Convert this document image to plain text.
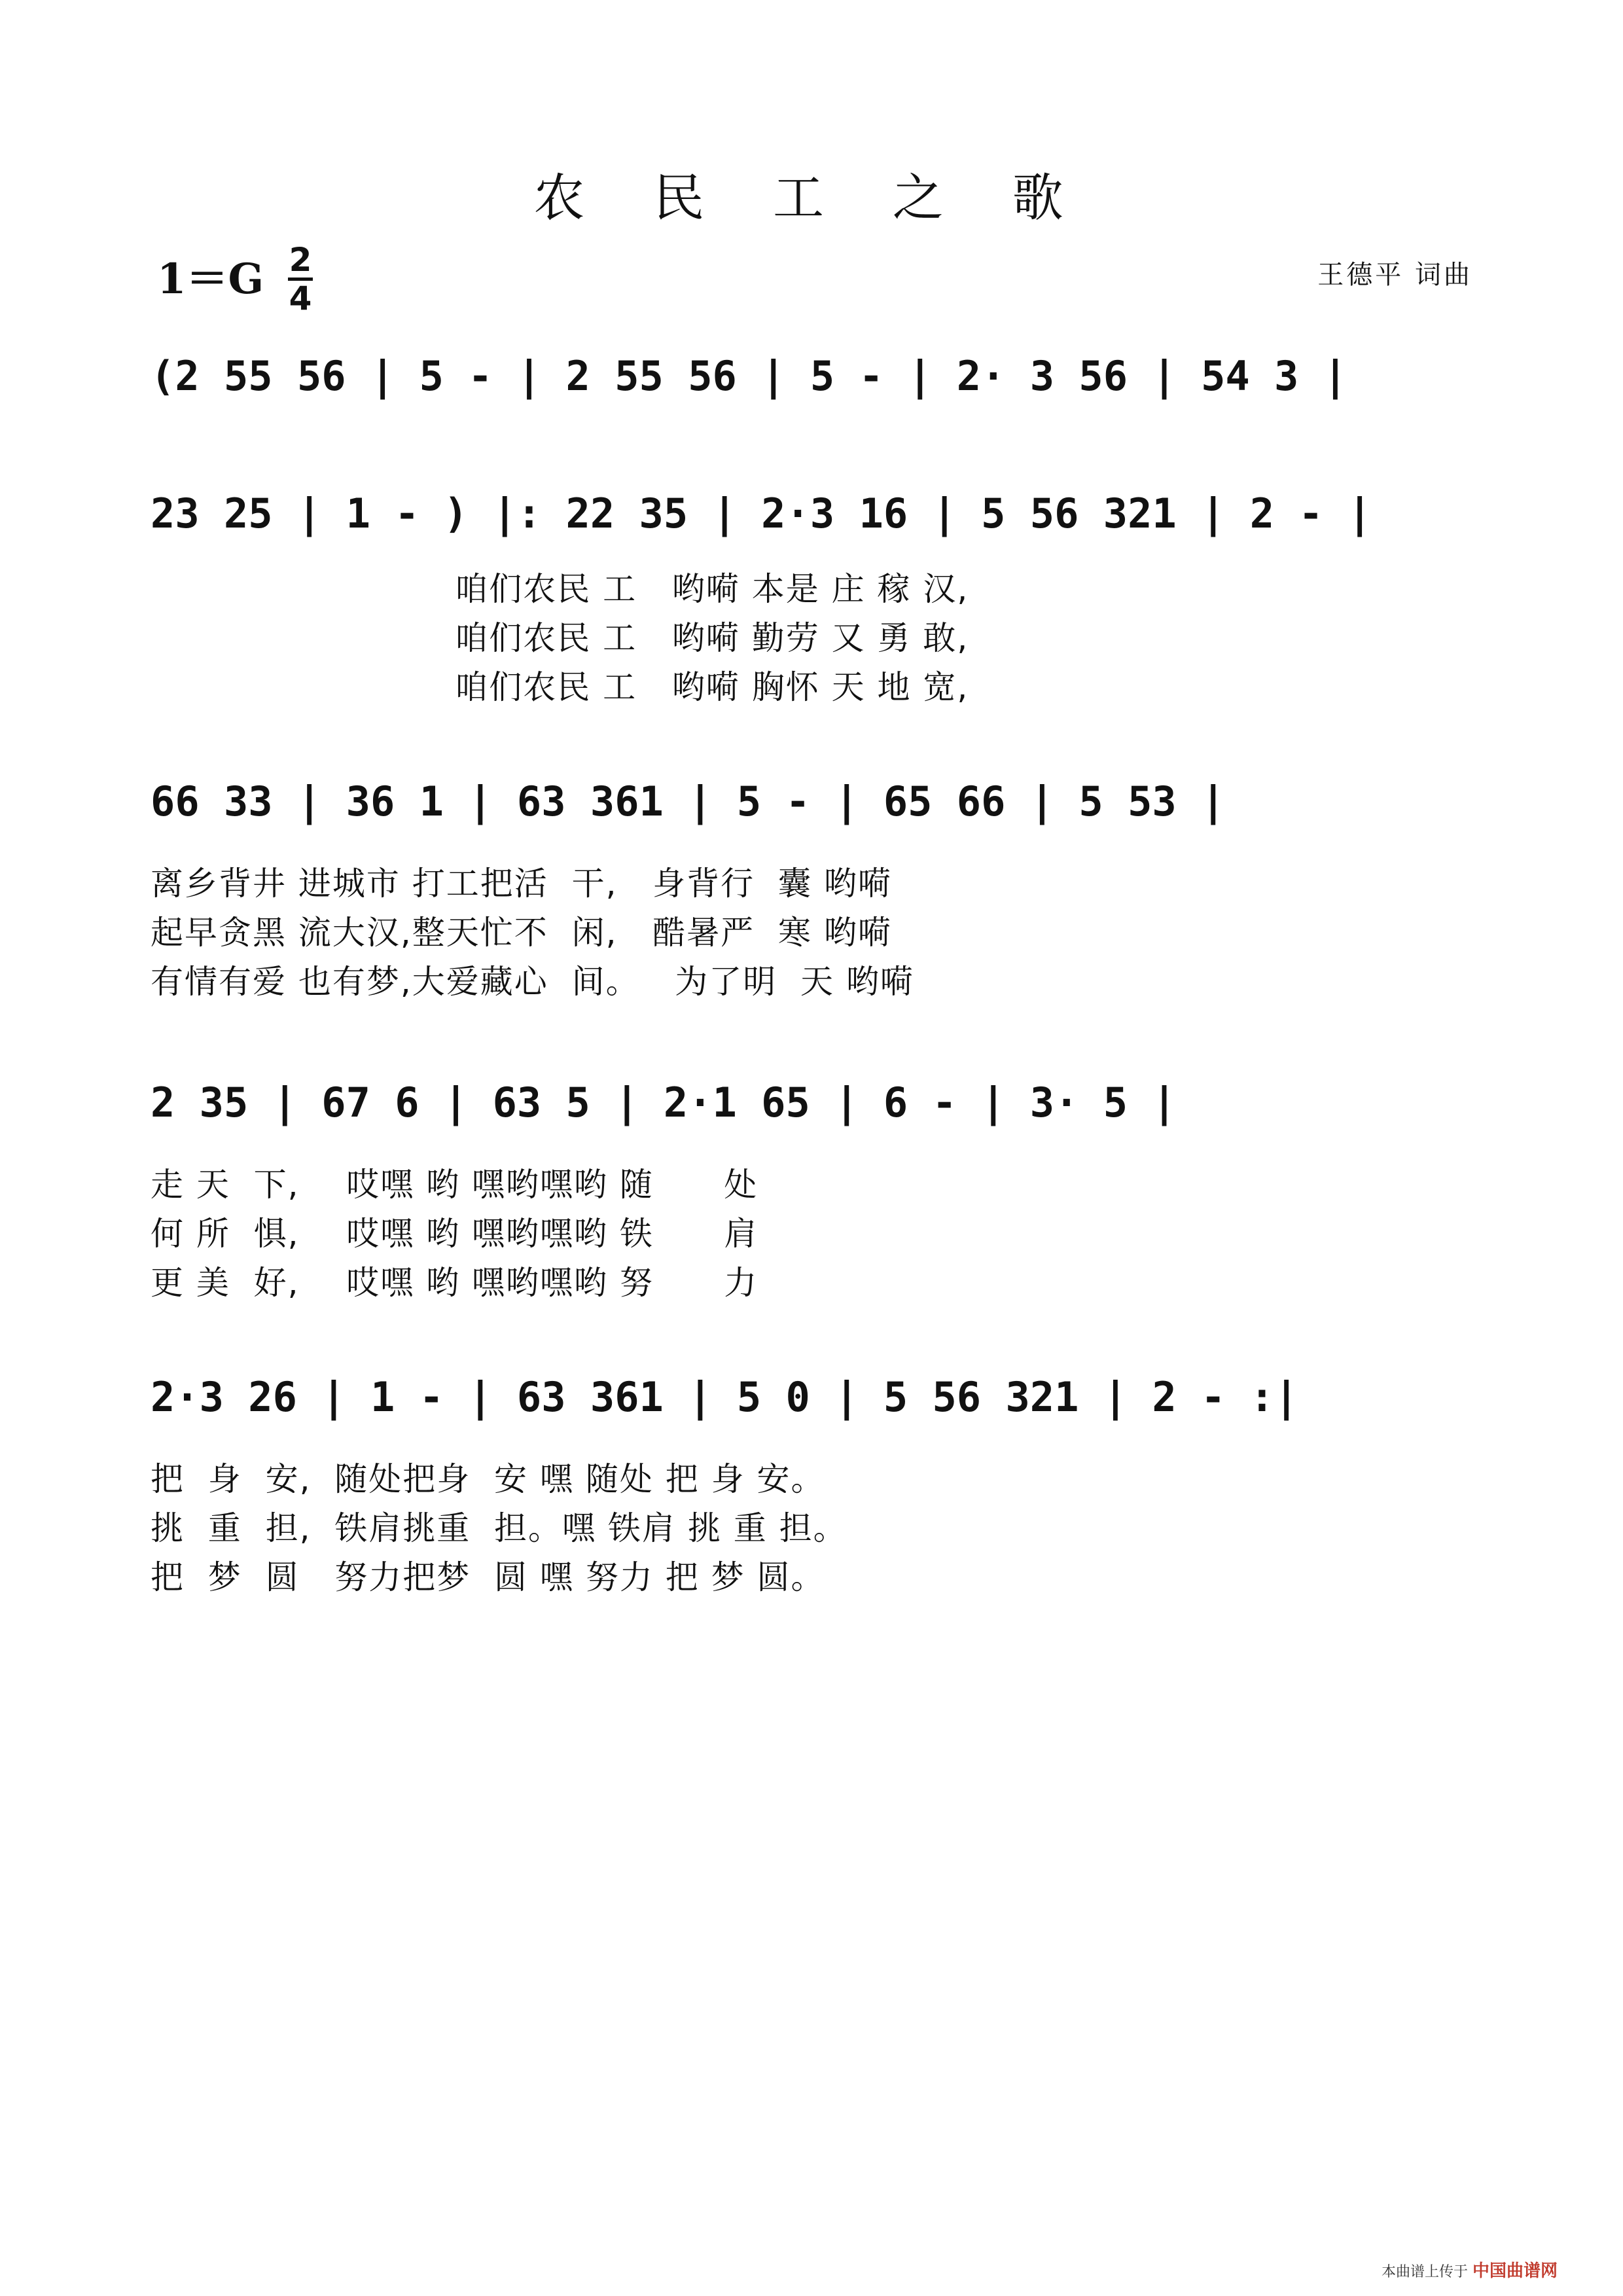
农 民 工 之 歌
1＝G 2
4
王德平 词曲
(2 55 56 | 5 - | 2 55 56 | 5 - | 2· 3 56 | 54 3 |
23 25 | 1 - ) |: 22 35 | 2·3 16 | 5 56 321 | 2 - |
咱们农民 工   哟嗬 本是 庄 稼 汉,
咱们农民 工   哟嗬 勤劳 又 勇 敢,
咱们农民 工   哟嗬 胸怀 天 地 宽,
66 33 | 36 1 | 63 361 | 5 - | 65 66 | 5 53 |
离乡背井 进城市 打工把活  干,   身背行  囊 哟嗬
起早贪黑 流大汉,整天忙不  闲,   酷暑严  寒 哟嗬
有情有爱 也有梦,大爱藏心  间。   为了明  天 哟嗬
2 35 | 67 6 | 63 5 | 2·1 65 | 6 - | 3· 5 |
走 天  下,    哎嘿 哟 嘿哟嘿哟 随      处
何 所  惧,    哎嘿 哟 嘿哟嘿哟 铁      肩
更 美  好,    哎嘿 哟 嘿哟嘿哟 努      力
2·3 26 | 1 - | 63 361 | 5 0 | 5 56 321 | 2 - :|
把  身  安,  随处把身  安 嘿 随处 把 身 安。
挑  重  担,  铁肩挑重  担。嘿 铁肩 挑 重 担。
把  梦  圆   努力把梦  圆 嘿 努力 把 梦 圆。
本曲谱上传于 中国曲谱网
